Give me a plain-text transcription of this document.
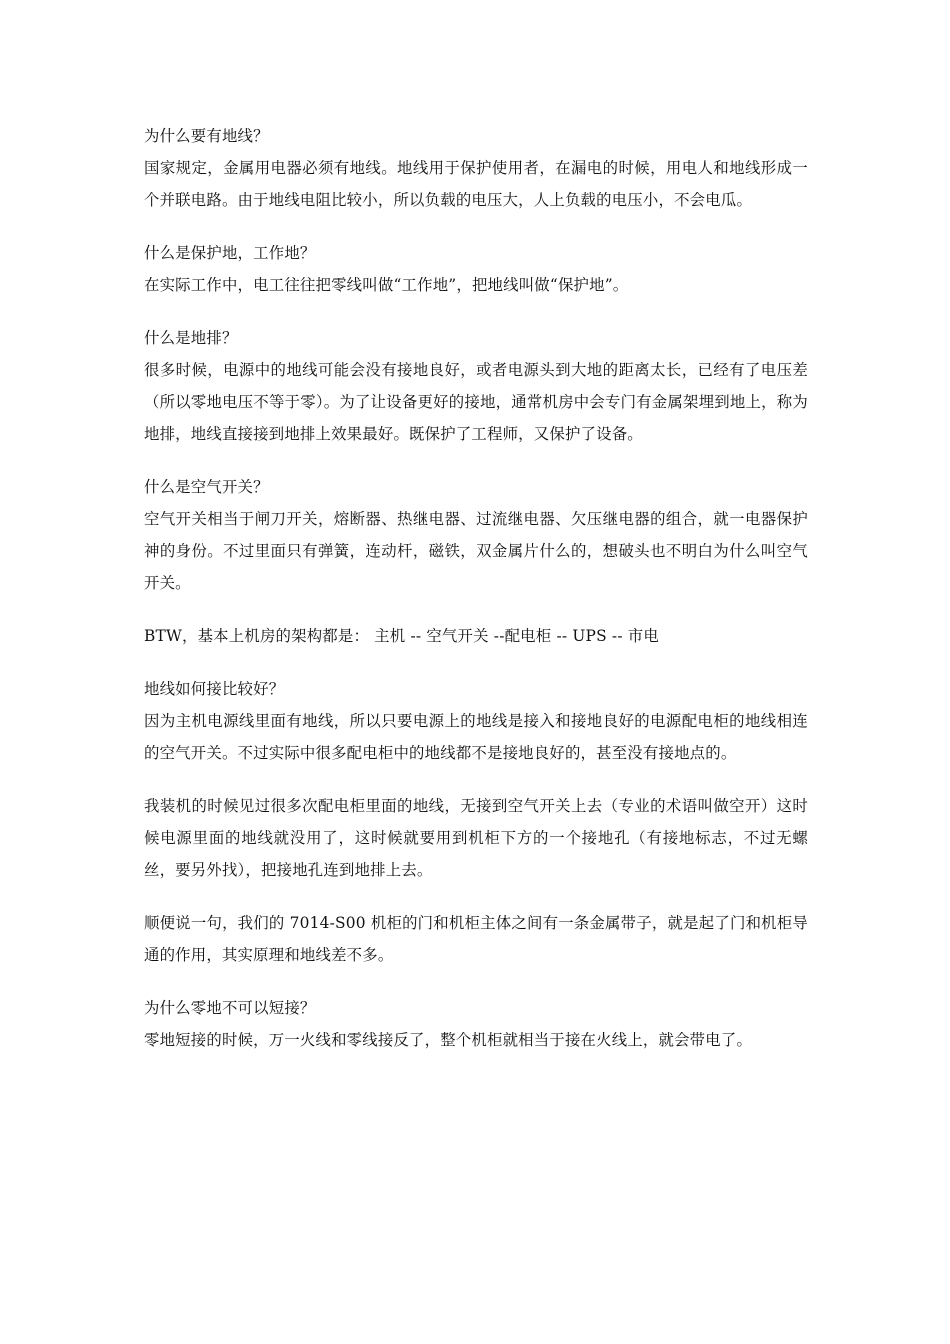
为什么要有地线？

国家规定，金属用电器必须有地线。地线用于保护使用者，在漏电的时候，用电人和地线形成一个并联电路。由于地线电阻比较小，所以负载的电压大，人上负载的电压小，不会电瓜。

什么是保护地，工作地？

在实际工作中，电工往往把零线叫做“工作地”，把地线叫做“保护地”。

什么是地排？

很多时候，电源中的地线可能会没有接地良好，或者电源头到大地的距离太长，已经有了电压差（所以零地电压不等于零）。为了让设备更好的接地，通常机房中会专门有金属架埋到地上，称为地排，地线直接接到地排上效果最好。既保护了工程师，又保护了设备。

什么是空气开关？

空气开关相当于闸刀开关，熔断器、热继电器、过流继电器、欠压继电器的组合，就一电器保护神的身份。不过里面只有弹簧，连动杆，磁铁，双金属片什么的，想破头也不明白为什么叫空气开关。

BTW，基本上机房的架构都是： 主机 -- 空气开关 --配电柜 -- UPS -- 市电

地线如何接比较好？

因为主机电源线里面有地线，所以只要电源上的地线是接入和接地良好的电源配电柜的地线相连的空气开关。不过实际中很多配电柜中的地线都不是接地良好的，甚至没有接地点的。

我装机的时候见过很多次配电柜里面的地线，无接到空气开关上去（专业的术语叫做空开）这时候电源里面的地线就没用了，这时候就要用到机柜下方的一个接地孔（有接地标志，不过无螺丝，要另外找），把接地孔连到地排上去。

顺便说一句，我们的 7014-S00 机柜的门和机柜主体之间有一条金属带子，就是起了门和机柜导通的作用，其实原理和地线差不多。

为什么零地不可以短接？

零地短接的时候，万一火线和零线接反了，整个机柜就相当于接在火线上，就会带电了。
